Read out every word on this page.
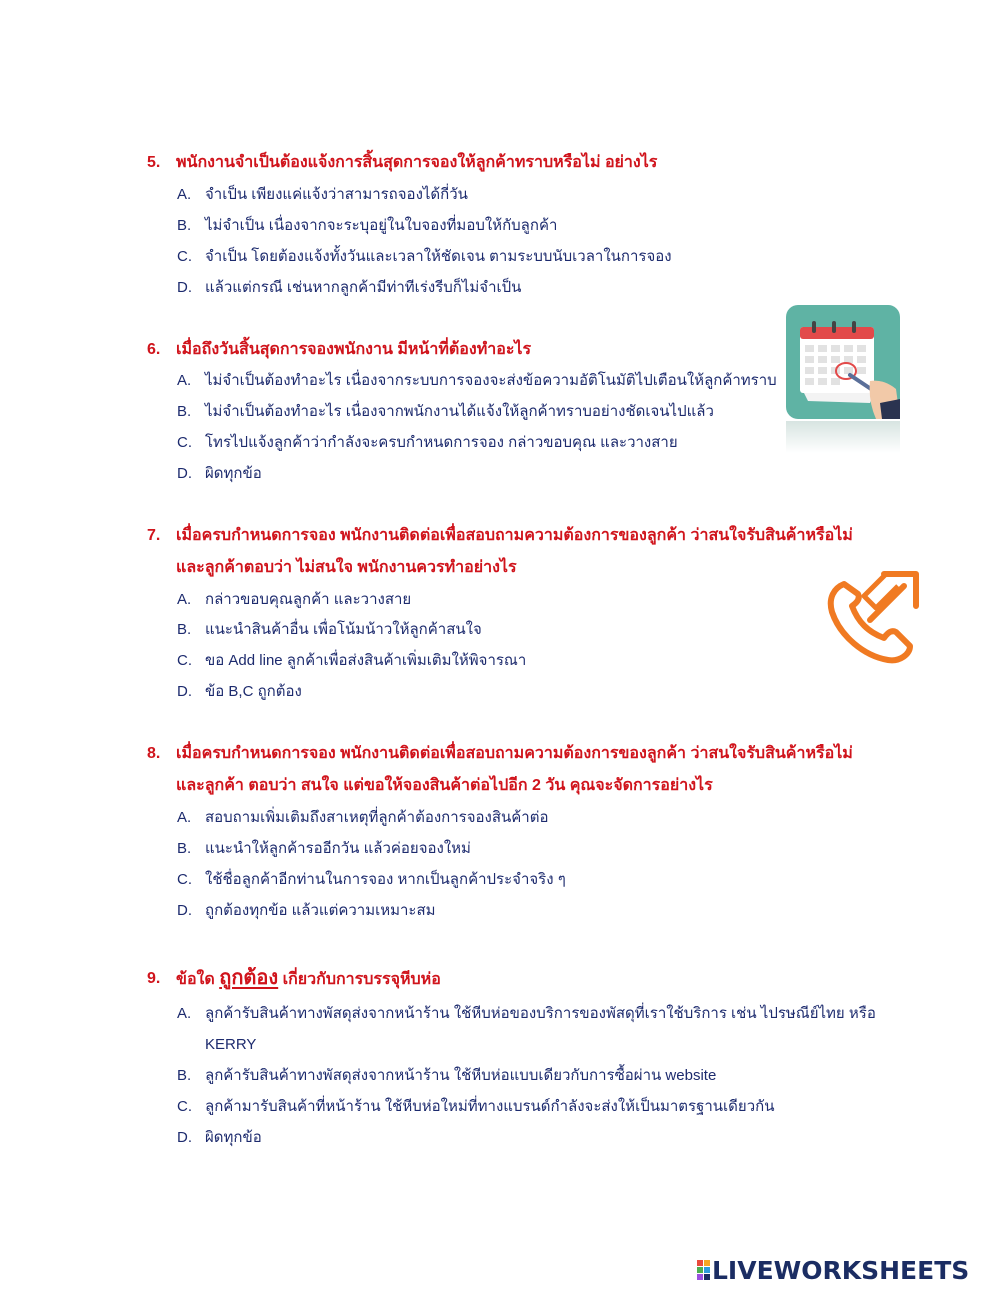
5. พนักงานจำเป็นต้องแจ้งการสิ้นสุดการจองให้ลูกค้าทราบหรือไม่ อย่างไร
A. จำเป็น เพียงแค่แจ้งว่าสามารถจองได้กี่วัน
B. ไม่จำเป็น เนื่องจากจะระบุอยู่ในใบจองที่มอบให้กับลูกค้า
C. จำเป็น โดยต้องแจ้งทั้งวันและเวลาให้ชัดเจน ตามระบบนับเวลาในการจอง
D. แล้วแต่กรณี เช่นหากลูกค้ามีท่าทีเร่งรีบก็ไม่จำเป็น
6. เมื่อถึงวันสิ้นสุดการจองพนักงาน มีหน้าที่ต้องทำอะไร
A. ไม่จำเป็นต้องทำอะไร เนื่องจากระบบการจองจะส่งข้อความอัติโนมัติไปเตือนให้ลูกค้าทราบ
B. ไม่จำเป็นต้องทำอะไร เนื่องจากพนักงานได้แจ้งให้ลูกค้าทราบอย่างชัดเจนไปแล้ว
C. โทรไปแจ้งลูกค้าว่ากำลังจะครบกำหนดการจอง กล่าวขอบคุณ และวางสาย
D. ผิดทุกข้อ
7. เมื่อครบกำหนดการจอง พนักงานติดต่อเพื่อสอบถามความต้องการของลูกค้า ว่าสนใจรับสินค้าหรือไม่
และลูกค้าตอบว่า ไม่สนใจ พนักงานควรทำอย่างไร
A. กล่าวขอบคุณลูกค้า และวางสาย
B. แนะนำสินค้าอื่น เพื่อโน้มน้าวให้ลูกค้าสนใจ
C. ขอ Add line ลูกค้าเพื่อส่งสินค้าเพิ่มเติมให้พิจารณา
D. ข้อ B,C ถูกต้อง
8. เมื่อครบกำหนดการจอง พนักงานติดต่อเพื่อสอบถามความต้องการของลูกค้า ว่าสนใจรับสินค้าหรือไม่
และลูกค้า ตอบว่า สนใจ แต่ขอให้จองสินค้าต่อไปอีก 2 วัน คุณจะจัดการอย่างไร
A. สอบถามเพิ่มเติมถึงสาเหตุที่ลูกค้าต้องการจองสินค้าต่อ
B. แนะนำให้ลูกค้ารออีกวัน แล้วค่อยจองใหม่
C. ใช้ชื่อลูกค้าอีกท่านในการจอง หากเป็นลูกค้าประจำจริง ๆ
D. ถูกต้องทุกข้อ แล้วแต่ความเหมาะสม
9. ข้อใด ถูกต้อง เกี่ยวกับการบรรจุหีบห่อ
A. ลูกค้ารับสินค้าทางพัสดุส่งจากหน้าร้าน ใช้หีบห่อของบริการของพัสดุที่เราใช้บริการ เช่น ไปรษณีย์ไทย หรือ
KERRY
B. ลูกค้ารับสินค้าทางพัสดุส่งจากหน้าร้าน ใช้หีบห่อแบบเดียวกับการซื้อผ่าน website
C. ลูกค้ามารับสินค้าที่หน้าร้าน ใช้หีบห่อใหม่ที่ทางแบรนด์กำลังจะส่งให้เป็นมาตรฐานเดียวกัน
D. ผิดทุกข้อ
LIVEWORKSHEETS
